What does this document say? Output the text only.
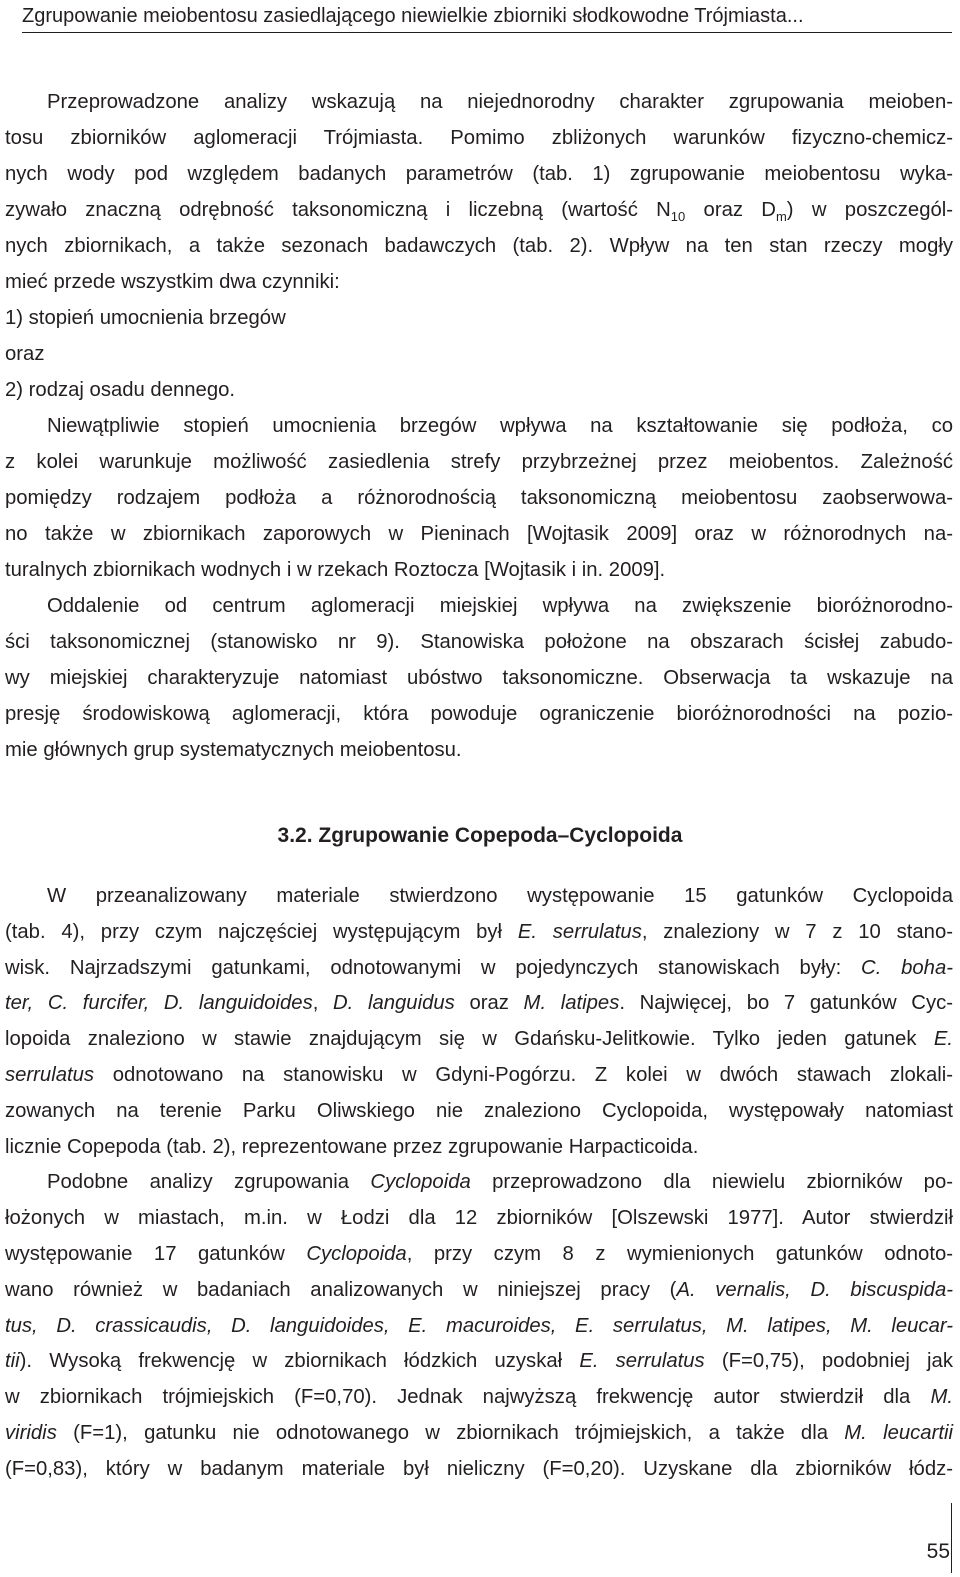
Zgrupowanie meiobentosu zasiedlającego niewielkie zbiorniki słodkowodne Trójmiasta...
Przeprowadzone analizy wskazują na niejednorodny charakter zgrupowania meioben-
tosu zbiorników aglomeracji Trójmiasta. Pomimo zbliżonych warunków fizyczno-chemicz-
nych wody pod względem badanych parametrów (tab. 1) zgrupowanie meiobentosu wyka-
zywało znaczną odrębność taksonomiczną i liczebną (wartość $N_{10}$ oraz $D_m$) w poszczegól-
nych zbiornikach, a także sezonach badawczych (tab. 2). Wpływ na ten stan rzeczy mogły
mieć przede wszystkim dwa czynniki:
1) stopień umocnienia brzegów
oraz
2) rodzaj osadu dennego.
Niewątpliwie stopień umocnienia brzegów wpływa na kształtowanie się podłoża, co
z kolei warunkuje możliwość zasiedlenia strefy przybrzeżnej przez meiobentos. Zależność
pomiędzy rodzajem podłoża a różnorodnością taksonomiczną meiobentosu zaobserwowa-
no także w zbiornikach zaporowych w Pieninach [Wojtasik 2009] oraz w różnorodnych na-
turalnych zbiornikach wodnych i w rzekach Roztocza [Wojtasik i in. 2009].
Oddalenie od centrum aglomeracji miejskiej wpływa na zwiększenie bioróżnorodno-
ści taksonomicznej (stanowisko nr 9). Stanowiska położone na obszarach ścisłej zabudo-
wy miejskiej charakteryzuje natomiast ubóstwo taksonomiczne. Obserwacja ta wskazuje na
presję środowiskową aglomeracji, która powoduje ograniczenie bioróżnorodności na pozio-
mie głównych grup systematycznych meiobentosu.
3.2. Zgrupowanie Copepoda–Cyclopoida
W przeanalizowany materiale stwierdzono występowanie 15 gatunków Cyclopoida
(tab. 4), przy czym najczęściej występującym był E. serrulatus, znaleziony w 7 z 10 stano-
wisk. Najrzadszymi gatunkami, odnotowanymi w pojedynczych stanowiskach były: C. boha-
ter, C. furcifer, D. languidoides, D. languidus oraz M. latipes. Najwięcej, bo 7 gatunków Cyc-
lopoida znaleziono w stawie znajdującym się w Gdańsku-Jelitkowie. Tylko jeden gatunek E.
serrulatus odnotowano na stanowisku w Gdyni-Pogórzu. Z kolei w dwóch stawach zlokali-
zowanych na terenie Parku Oliwskiego nie znaleziono Cyclopoida, występowały natomiast
licznie Copepoda (tab. 2), reprezentowane przez zgrupowanie Harpacticoida.
Podobne analizy zgrupowania Cyclopoida przeprowadzono dla niewielu zbiorników po-
łożonych w miastach, m.in. w Łodzi dla 12 zbiorników [Olszewski 1977]. Autor stwierdził
występowanie 17 gatunków Cyclopoida, przy czym 8 z wymienionych gatunków odnoto-
wano również w badaniach analizowanych w niniejszej pracy (A. vernalis, D. biscuspida-
tus, D. crassicaudis, D. languidoides, E. macuroides, E. serrulatus, M. latipes, M. leucar-
tii). Wysoką frekwencję w zbiornikach łódzkich uzyskał E. serrulatus (F=0,75), podobniej jak
w zbiornikach trójmiejskich (F=0,70). Jednak najwyższą frekwencję autor stwierdził dla M.
viridis (F=1), gatunku nie odnotowanego w zbiornikach trójmiejskich, a także dla M. leucartii
(F=0,83), który w badanym materiale był nieliczny (F=0,20). Uzyskane dla zbiorników łódz-
55
